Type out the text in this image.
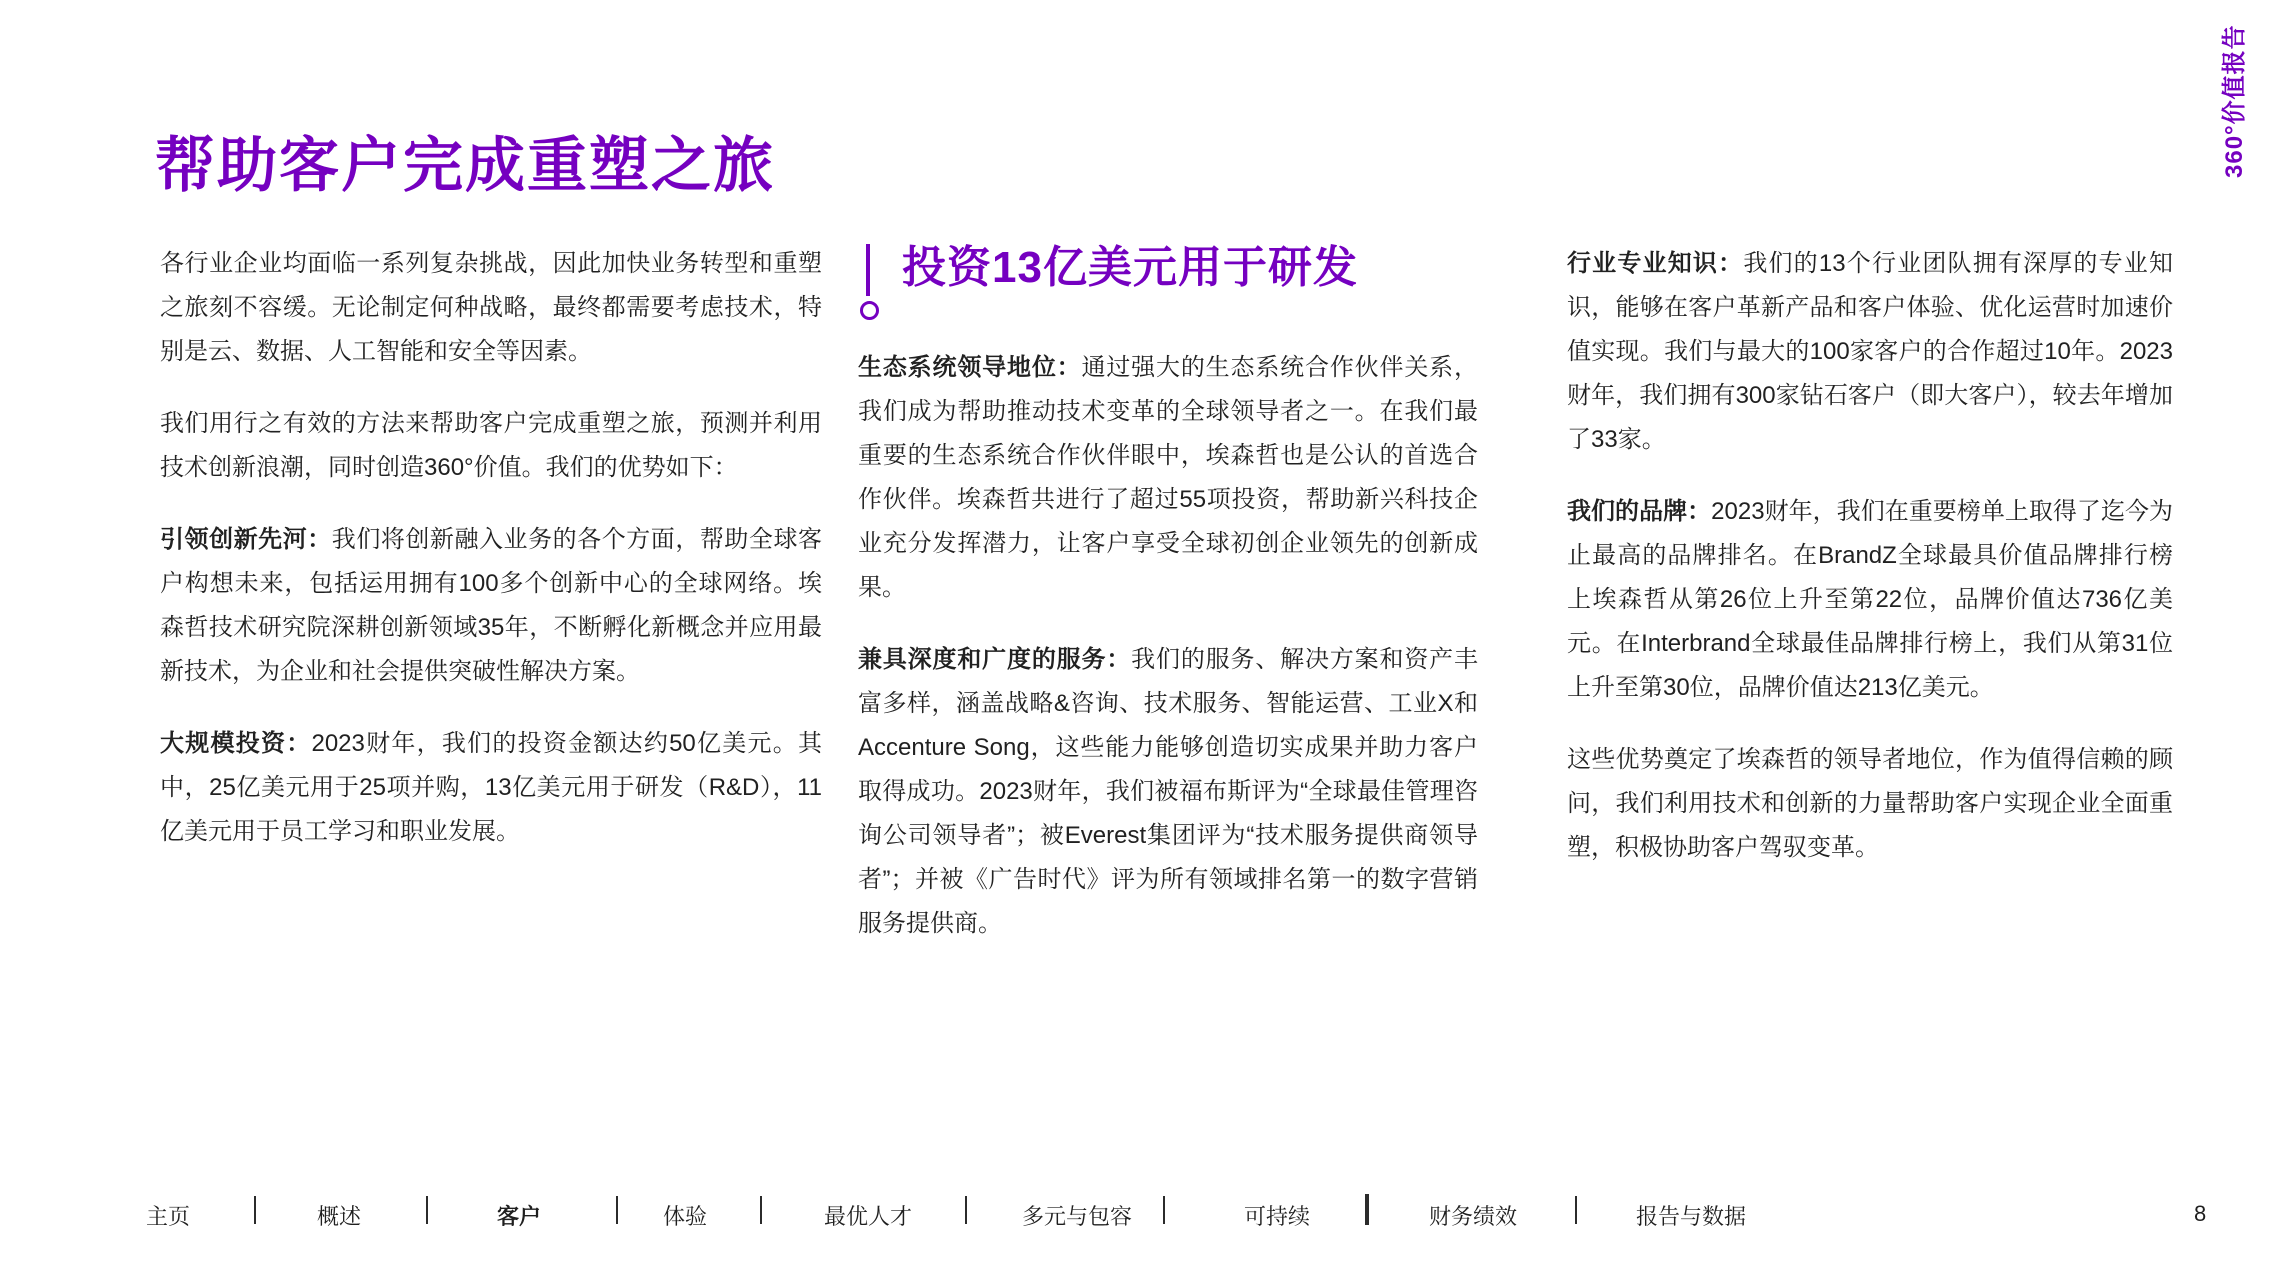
帮助客户完成重塑之旅	360°价值报告

各行业企业均面临一系列复杂挑战，因此加快业务转型和重塑之旅刻不容缓。无论制定何种战略，最终都需要考虑技术，特别是云、数据、人工智能和安全等因素。

我们用行之有效的方法来帮助客户完成重塑之旅，预测并利用技术创新浪潮，同时创造360°价值。我们的优势如下：

引领创新先河：我们将创新融入业务的各个方面，帮助全球客户构想未来，包括运用拥有100多个创新中心的全球网络。埃森哲技术研究院深耕创新领域35年，不断孵化新概念并应用最新技术，为企业和社会提供突破性解决方案。

大规模投资：2023财年，我们的投资金额达约50亿美元。其中，25亿美元用于25项并购，13亿美元用于研发（R&D），11亿美元用于员工学习和职业发展。

投资13亿美元用于研发

生态系统领导地位：通过强大的生态系统合作伙伴关系，我们成为帮助推动技术变革的全球领导者之一。在我们最重要的生态系统合作伙伴眼中，埃森哲也是公认的首选合作伙伴。埃森哲共进行了超过55项投资，帮助新兴科技企业充分发挥潜力，让客户享受全球初创企业领先的创新成果。

兼具深度和广度的服务：我们的服务、解决方案和资产丰富多样，涵盖战略&咨询、技术服务、智能运营、工业X和Accenture Song，这些能力能够创造切实成果并助力客户取得成功。2023财年，我们被福布斯评为“全球最佳管理咨询公司领导者”；被Everest集团评为“技术服务提供商领导者”；并被《广告时代》评为所有领域排名第一的数字营销服务提供商。

行业专业知识：我们的13个行业团队拥有深厚的专业知识，能够在客户革新产品和客户体验、优化运营时加速价值实现。我们与最大的100家客户的合作超过10年。2023财年，我们拥有300家钻石客户（即大客户），较去年增加了33家。

我们的品牌：2023财年，我们在重要榜单上取得了迄今为止最高的品牌排名。在BrandZ全球最具价值品牌排行榜上埃森哲从第26位上升至第22位，品牌价值达736亿美元。在Interbrand全球最佳品牌排行榜上，我们从第31位上升至第30位，品牌价值达213亿美元。

这些优势奠定了埃森哲的领导者地位，作为值得信赖的顾问，我们利用技术和创新的力量帮助客户实现企业全面重塑，积极协助客户驾驭变革。

主页	概述	客户	体验	最优人才	多元与包容	可持续	财务绩效	报告与数据	8
